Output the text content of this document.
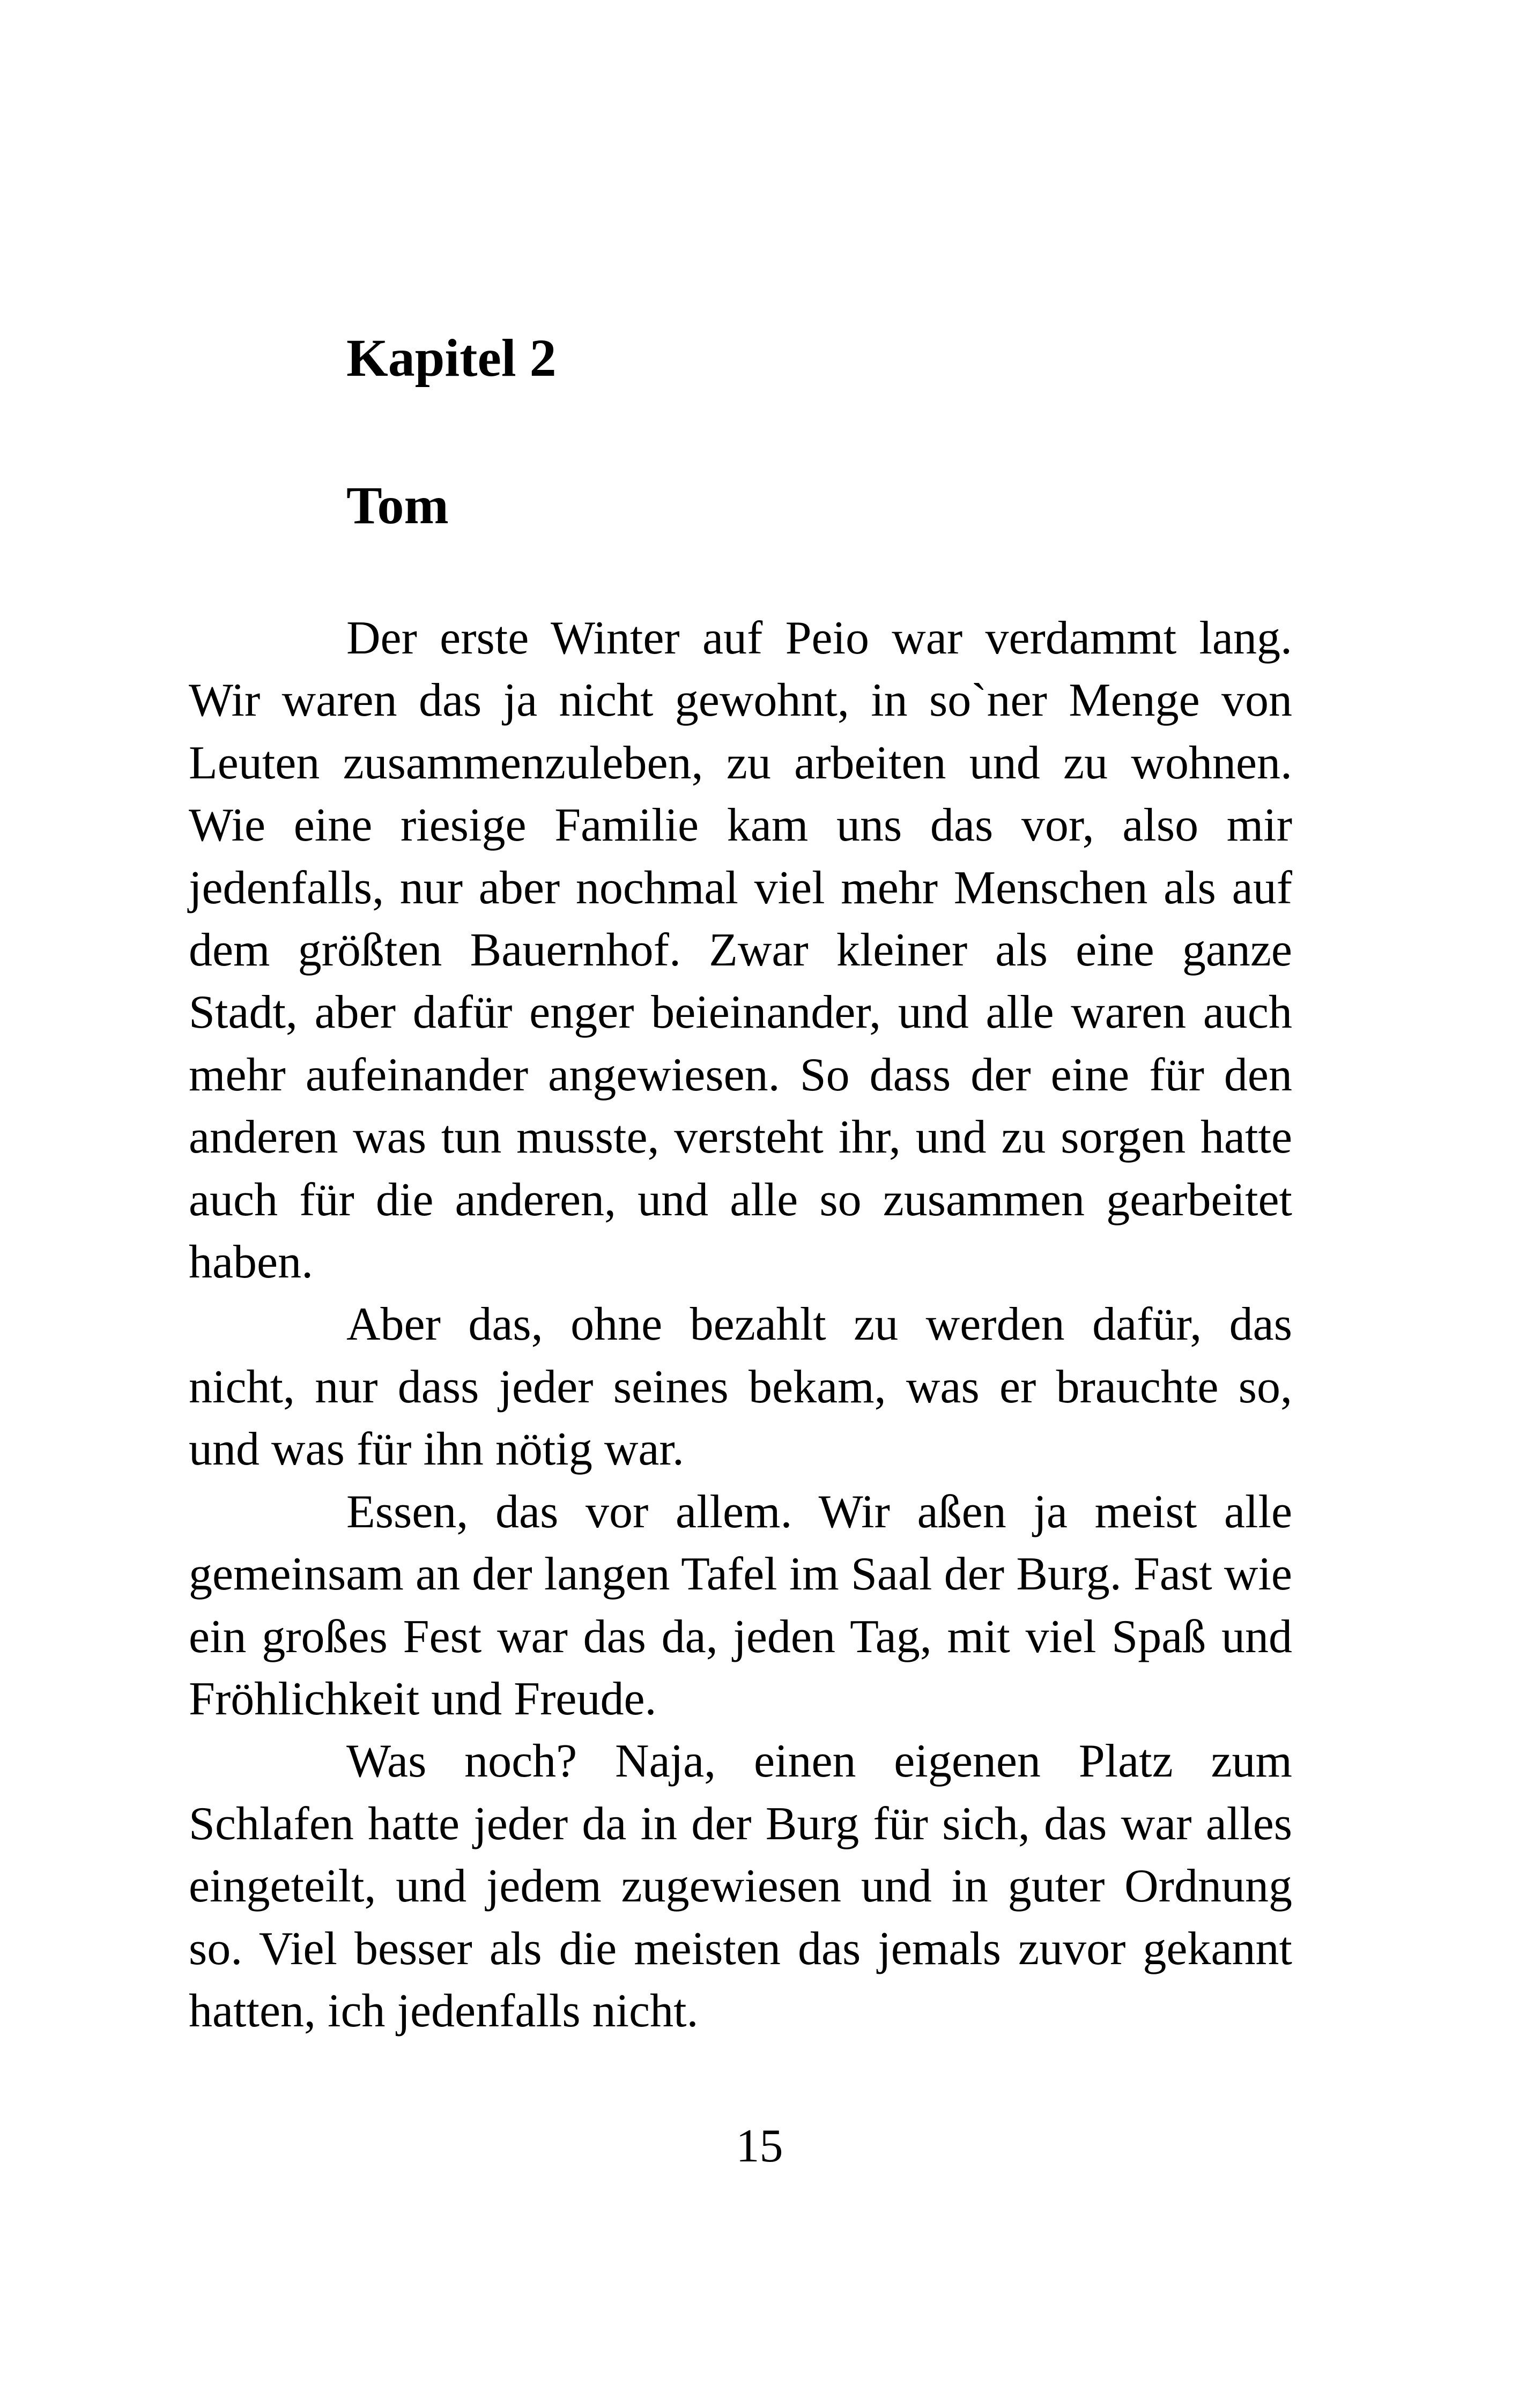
Kapitel 2
Tom

Der erste Winter auf Peio war verdammt lang. Wir waren das ja nicht gewohnt, in so`ner Menge von Leuten zusammenzuleben, zu arbeiten und zu wohnen. Wie eine riesige Familie kam uns das vor, also mir jedenfalls, nur aber nochmal viel mehr Menschen als auf dem größten Bauernhof. Zwar kleiner als eine ganze Stadt, aber dafür enger beieinander, und alle waren auch mehr aufeinander angewiesen. So dass der eine für den anderen was tun musste, versteht ihr, und zu sorgen hatte auch für die anderen, und alle so zusammen gearbeitet haben.

Aber das, ohne bezahlt zu werden dafür, das nicht, nur dass jeder seines bekam, was er brauchte so, und was für ihn nötig war.

Essen, das vor allem. Wir aßen ja meist alle gemeinsam an der langen Tafel im Saal der Burg. Fast wie ein großes Fest war das da, jeden Tag, mit viel Spaß und Fröhlichkeit und Freude.

Was noch? Naja, einen eigenen Platz zum Schlafen hatte jeder da in der Burg für sich, das war alles eingeteilt, und jedem zugewiesen und in guter Ordnung so. Viel besser als die meisten das jemals zuvor gekannt hatten, ich jedenfalls nicht.

15
